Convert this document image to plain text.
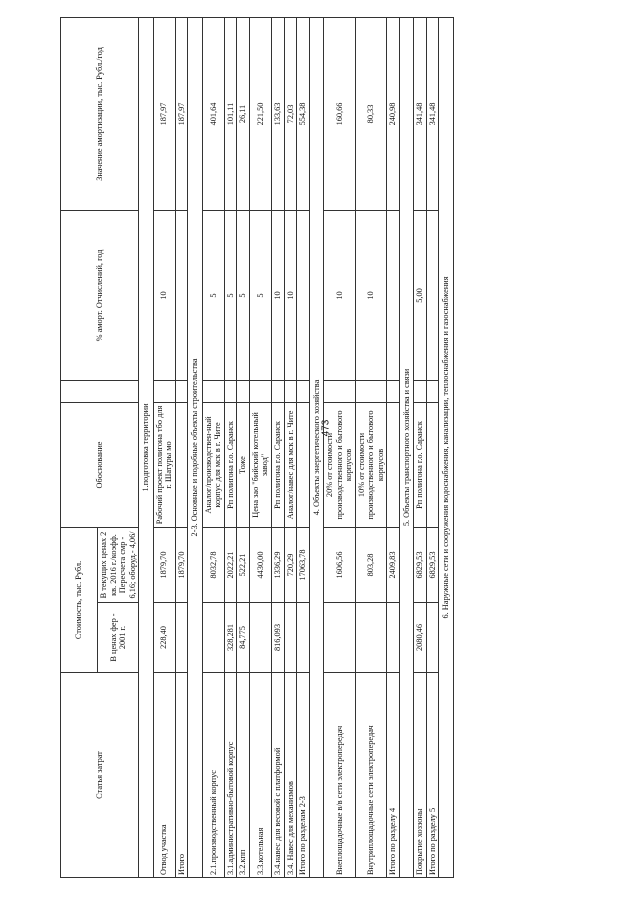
473
Статья затрат	Стоимость, тыс. Рубл.		Обоснование		% аморт. Отчислений, год	Значение амортизации, тыс. Рубл./год
	В ценах фер - 2001 г.	В текущих ценах 2 кв. 2016 г./коэфф. Пересчета смр - 6,16; оборуд.- 4,06/				
1.подготовка территории						
Отвод участка	228,40	1879,70	Рабочий проект полигона тбо для г. Шатуры мо		10	187,97
Итого		1879,70				187,97
2-3. Основные и подобные объекты строительства						
2.1.производственный корпус		8032,78	Аналог/производствен-ный корпус для мск в г. Чите		5	401,64
3.1.административно-бытовой корпус	328,281	2022,21	Рп полигона г.о. Саранск		5	101,11
3.2.кпп	84,775	522,21	Тоже		5	26,11
3.3.котельная		4430,00	Цена зао "бийский котельный завод"		5	221,50
3.4.навес для весовой с платформой	816,093	1336,29	Рп полигона г.о. Саранск		10	133,63
3.4. Навес для механизмов		720,29	Аналог/навес для мск в г. Чите		10	72,03
Итого по разделам 2-3		17063,78				554,38
4. Объекты энергетического хозяйства						
Внеплощадочные в/в сети электропередач		1606,56	20% от стоимости производственного и бытового корпусов		10	160,66
Внутриплощадочные сети электропередач		803,28	10% от стоимости производственного и бытового корпусов		10	80,33
Итого по разделу 4		2409,83				240,98
5. Объекты транспортного хозяйства и связи						
Покрытие хоззоны	2080,46	6829,53	Рп полигона г.о. Саранск		5,00	341,48
Итого по разделу 5		6829,53				341,48
6. Наружные сети и сооружения водоснабжения, канализации, теплоснабжения и газоснабжения						
